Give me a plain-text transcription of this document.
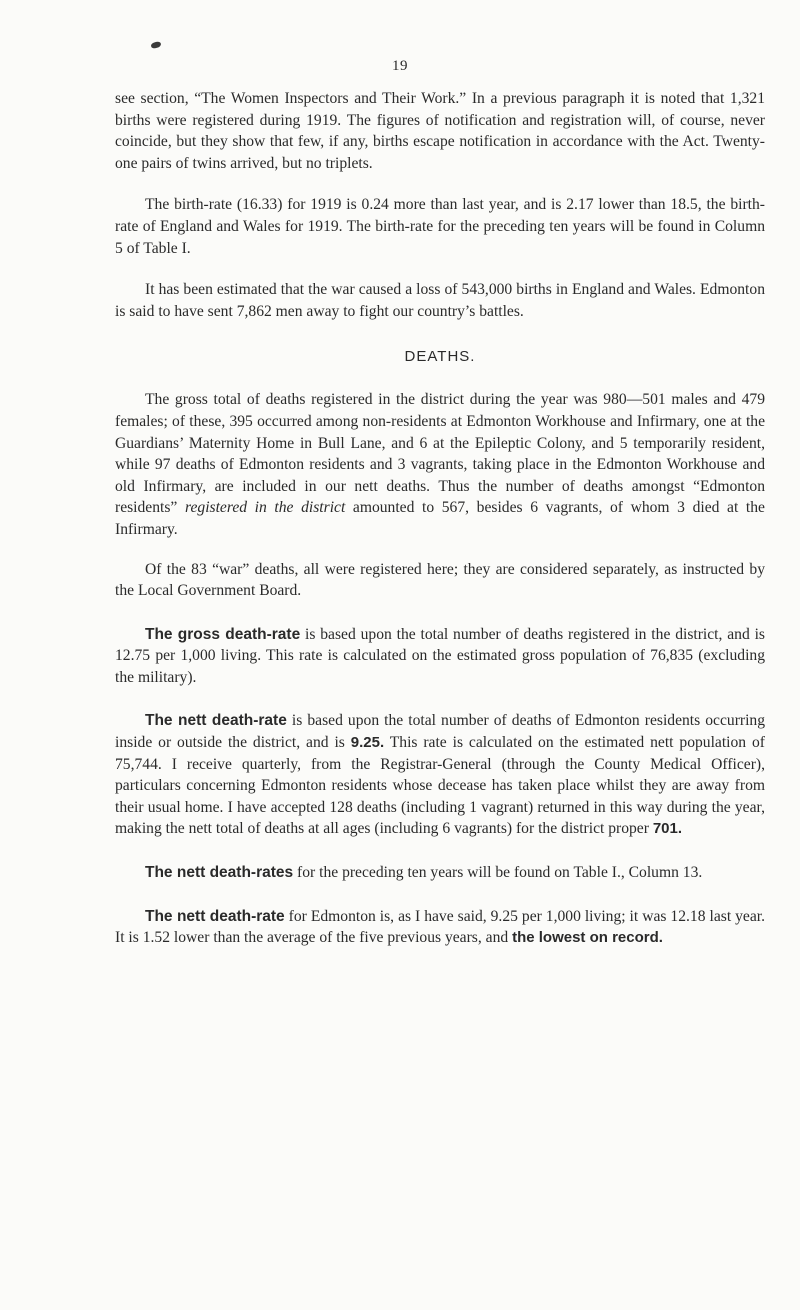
19

see section, “The Women Inspectors and Their Work.” In a previous paragraph it is noted that 1,321 births were registered during 1919. The figures of notification and registration will, of course, never coincide, but they show that few, if any, births escape notification in accordance with the Act. Twenty-one pairs of twins arrived, but no triplets.

The birth-rate (16.33) for 1919 is 0.24 more than last year, and is 2.17 lower than 18.5, the birth-rate of England and Wales for 1919. The birth-rate for the preceding ten years will be found in Column 5 of Table I.

It has been estimated that the war caused a loss of 543,000 births in England and Wales. Edmonton is said to have sent 7,862 men away to fight our country’s battles.

DEATHS.

The gross total of deaths registered in the district during the year was 980—501 males and 479 females; of these, 395 occurred among non-residents at Edmonton Workhouse and Infirmary, one at the Guardians’ Maternity Home in Bull Lane, and 6 at the Epileptic Colony, and 5 temporarily resident, while 97 deaths of Edmonton residents and 3 vagrants, taking place in the Edmonton Workhouse and old Infirmary, are included in our nett deaths. Thus the number of deaths amongst “Edmonton residents” registered in the district amounted to 567, besides 6 vagrants, of whom 3 died at the Infirmary.

Of the 83 “war” deaths, all were registered here; they are considered separately, as instructed by the Local Government Board.

The gross death-rate is based upon the total number of deaths registered in the district, and is 12.75 per 1,000 living. This rate is calculated on the estimated gross population of 76,835 (excluding the military).

The nett death-rate is based upon the total number of deaths of Edmonton residents occurring inside or outside the district, and is 9.25. This rate is calculated on the estimated nett population of 75,744. I receive quarterly, from the Registrar-General (through the County Medical Officer), particulars concerning Edmonton residents whose decease has taken place whilst they are away from their usual home. I have accepted 128 deaths (including 1 vagrant) returned in this way during the year, making the nett total of deaths at all ages (including 6 vagrants) for the district proper 701.

The nett death-rates for the preceding ten years will be found on Table I., Column 13.

The nett death-rate for Edmonton is, as I have said, 9.25 per 1,000 living; it was 12.18 last year. It is 1.52 lower than the average of the five previous years, and the lowest on record.
